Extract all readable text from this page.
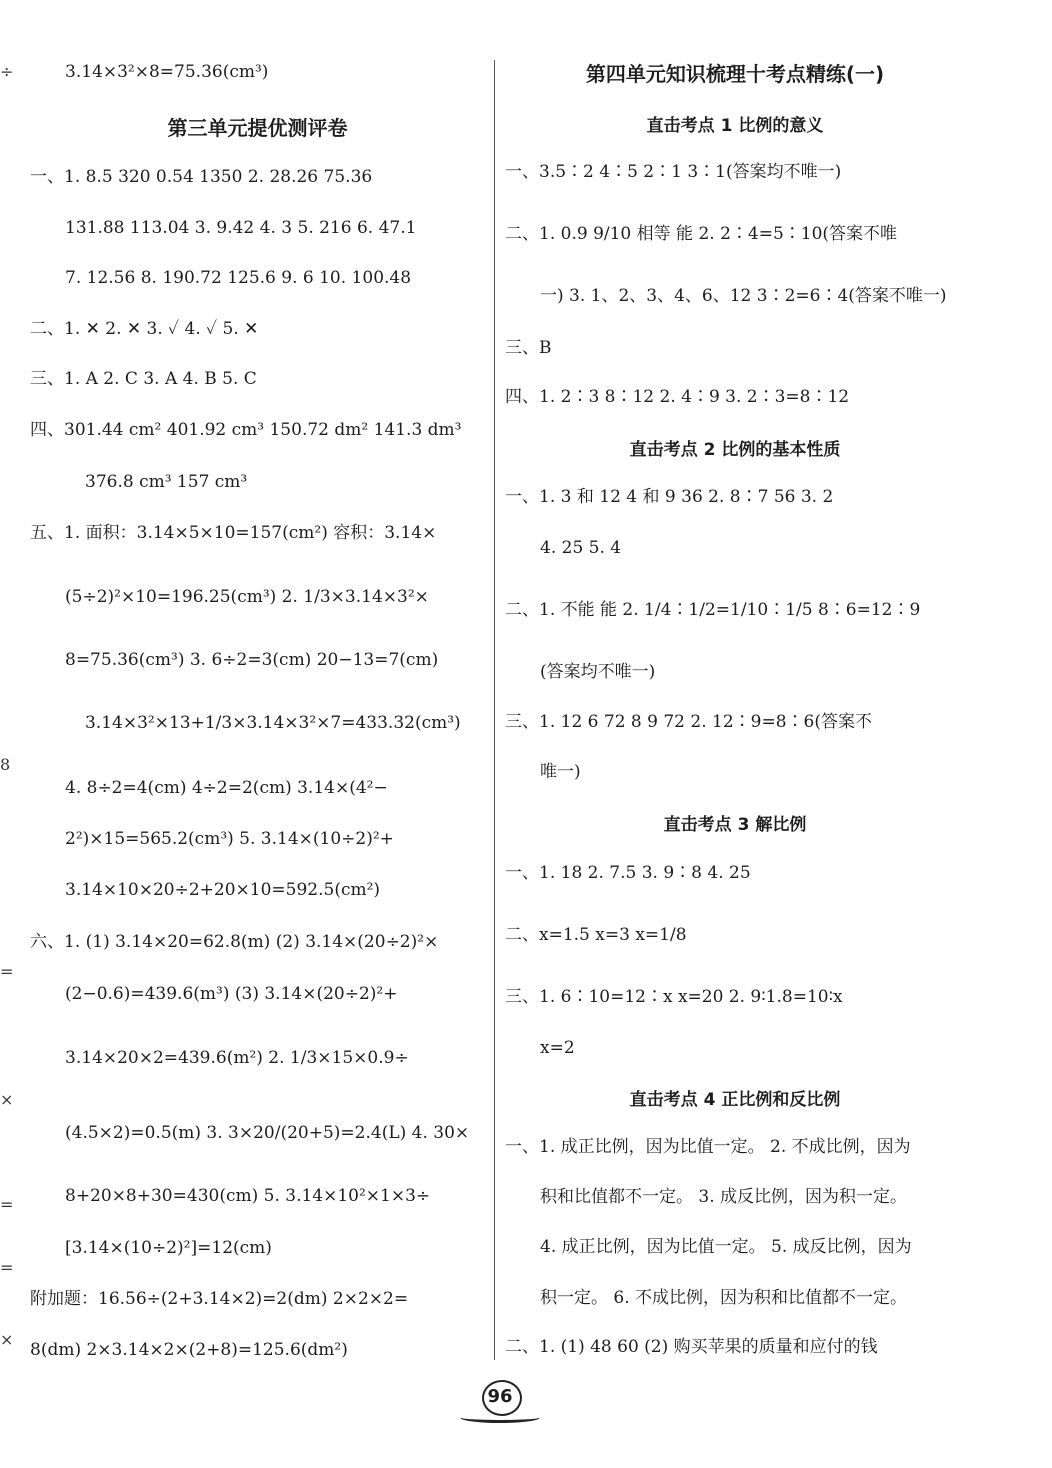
÷
8
=
×
=
=
×
3.14×3²×8=75.36(cm³)
第三单元提优测评卷
一、1. 8.5 320 0.54 1350 2. 28.26 75.36
131.88 113.04 3. 9.42 4. 3 5. 216 6. 47.1
7. 12.56 8. 190.72 125.6 9. 6 10. 100.48
二、1. ✕ 2. ✕ 3. ✓ 4. ✓ 5. ✕
三、1. A 2. C 3. A 4. B 5. C
四、301.44 cm² 401.92 cm³ 150.72 dm² 141.3 dm³
376.8 cm³ 157 cm³
五、1. 面积：3.14×5×10=157(cm²) 容积：3.14×
(5÷2)²×10=196.25(cm³) 2. 1/3×3.14×3²×
8=75.36(cm³) 3. 6÷2=3(cm) 20−13=7(cm)
3.14×3²×13+1/3×3.14×3²×7=433.32(cm³)
4. 8÷2=4(cm) 4÷2=2(cm) 3.14×(4²−
2²)×15=565.2(cm³) 5. 3.14×(10÷2)²+
3.14×10×20÷2+20×10=592.5(cm²)
六、1. (1) 3.14×20=62.8(m) (2) 3.14×(20÷2)²×
(2−0.6)=439.6(m³) (3) 3.14×(20÷2)²+
3.14×20×2=439.6(m²) 2. 1/3×15×0.9÷
(4.5×2)=0.5(m) 3. 3×20/(20+5)=2.4(L) 4. 30×
8+20×8+30=430(cm) 5. 3.14×10²×1×3÷
[3.14×(10÷2)²]=12(cm)
附加题：16.56÷(2+3.14×2)=2(dm) 2×2×2=
8(dm) 2×3.14×2×(2+8)=125.6(dm²)
第四单元知识梳理十考点精练(一)
直击考点 1 比例的意义
一、3.5∶2 4∶5 2∶1 3∶1(答案均不唯一)
二、1. 0.9 9/10 相等 能 2. 2∶4=5∶10(答案不唯
一) 3. 1、2、3、4、6、12 3∶2=6∶4(答案不唯一)
三、B
四、1. 2∶3 8∶12 2. 4∶9 3. 2∶3=8∶12
直击考点 2 比例的基本性质
一、1. 3 和 12 4 和 9 36 2. 8∶7 56 3. 2
4. 25 5. 4
二、1. 不能 能 2. 1/4∶1/2=1/10∶1/5 8∶6=12∶9
(答案均不唯一)
三、1. 12 6 72 8 9 72 2. 12∶9=8∶6(答案不
唯一)
直击考点 3 解比例
一、1. 18 2. 7.5 3. 9∶8 4. 25
二、x=1.5 x=3 x=1/8
三、1. 6∶10=12∶x x=20 2. 9∶1.8=10∶x
x=2
直击考点 4 正比例和反比例
一、1. 成正比例，因为比值一定。 2. 不成比例，因为
积和比值都不一定。 3. 成反比例，因为积一定。
4. 成正比例，因为比值一定。 5. 成反比例，因为
积一定。 6. 不成比例，因为积和比值都不一定。
二、1. (1) 48 60 (2) 购买苹果的质量和应付的钱
96
